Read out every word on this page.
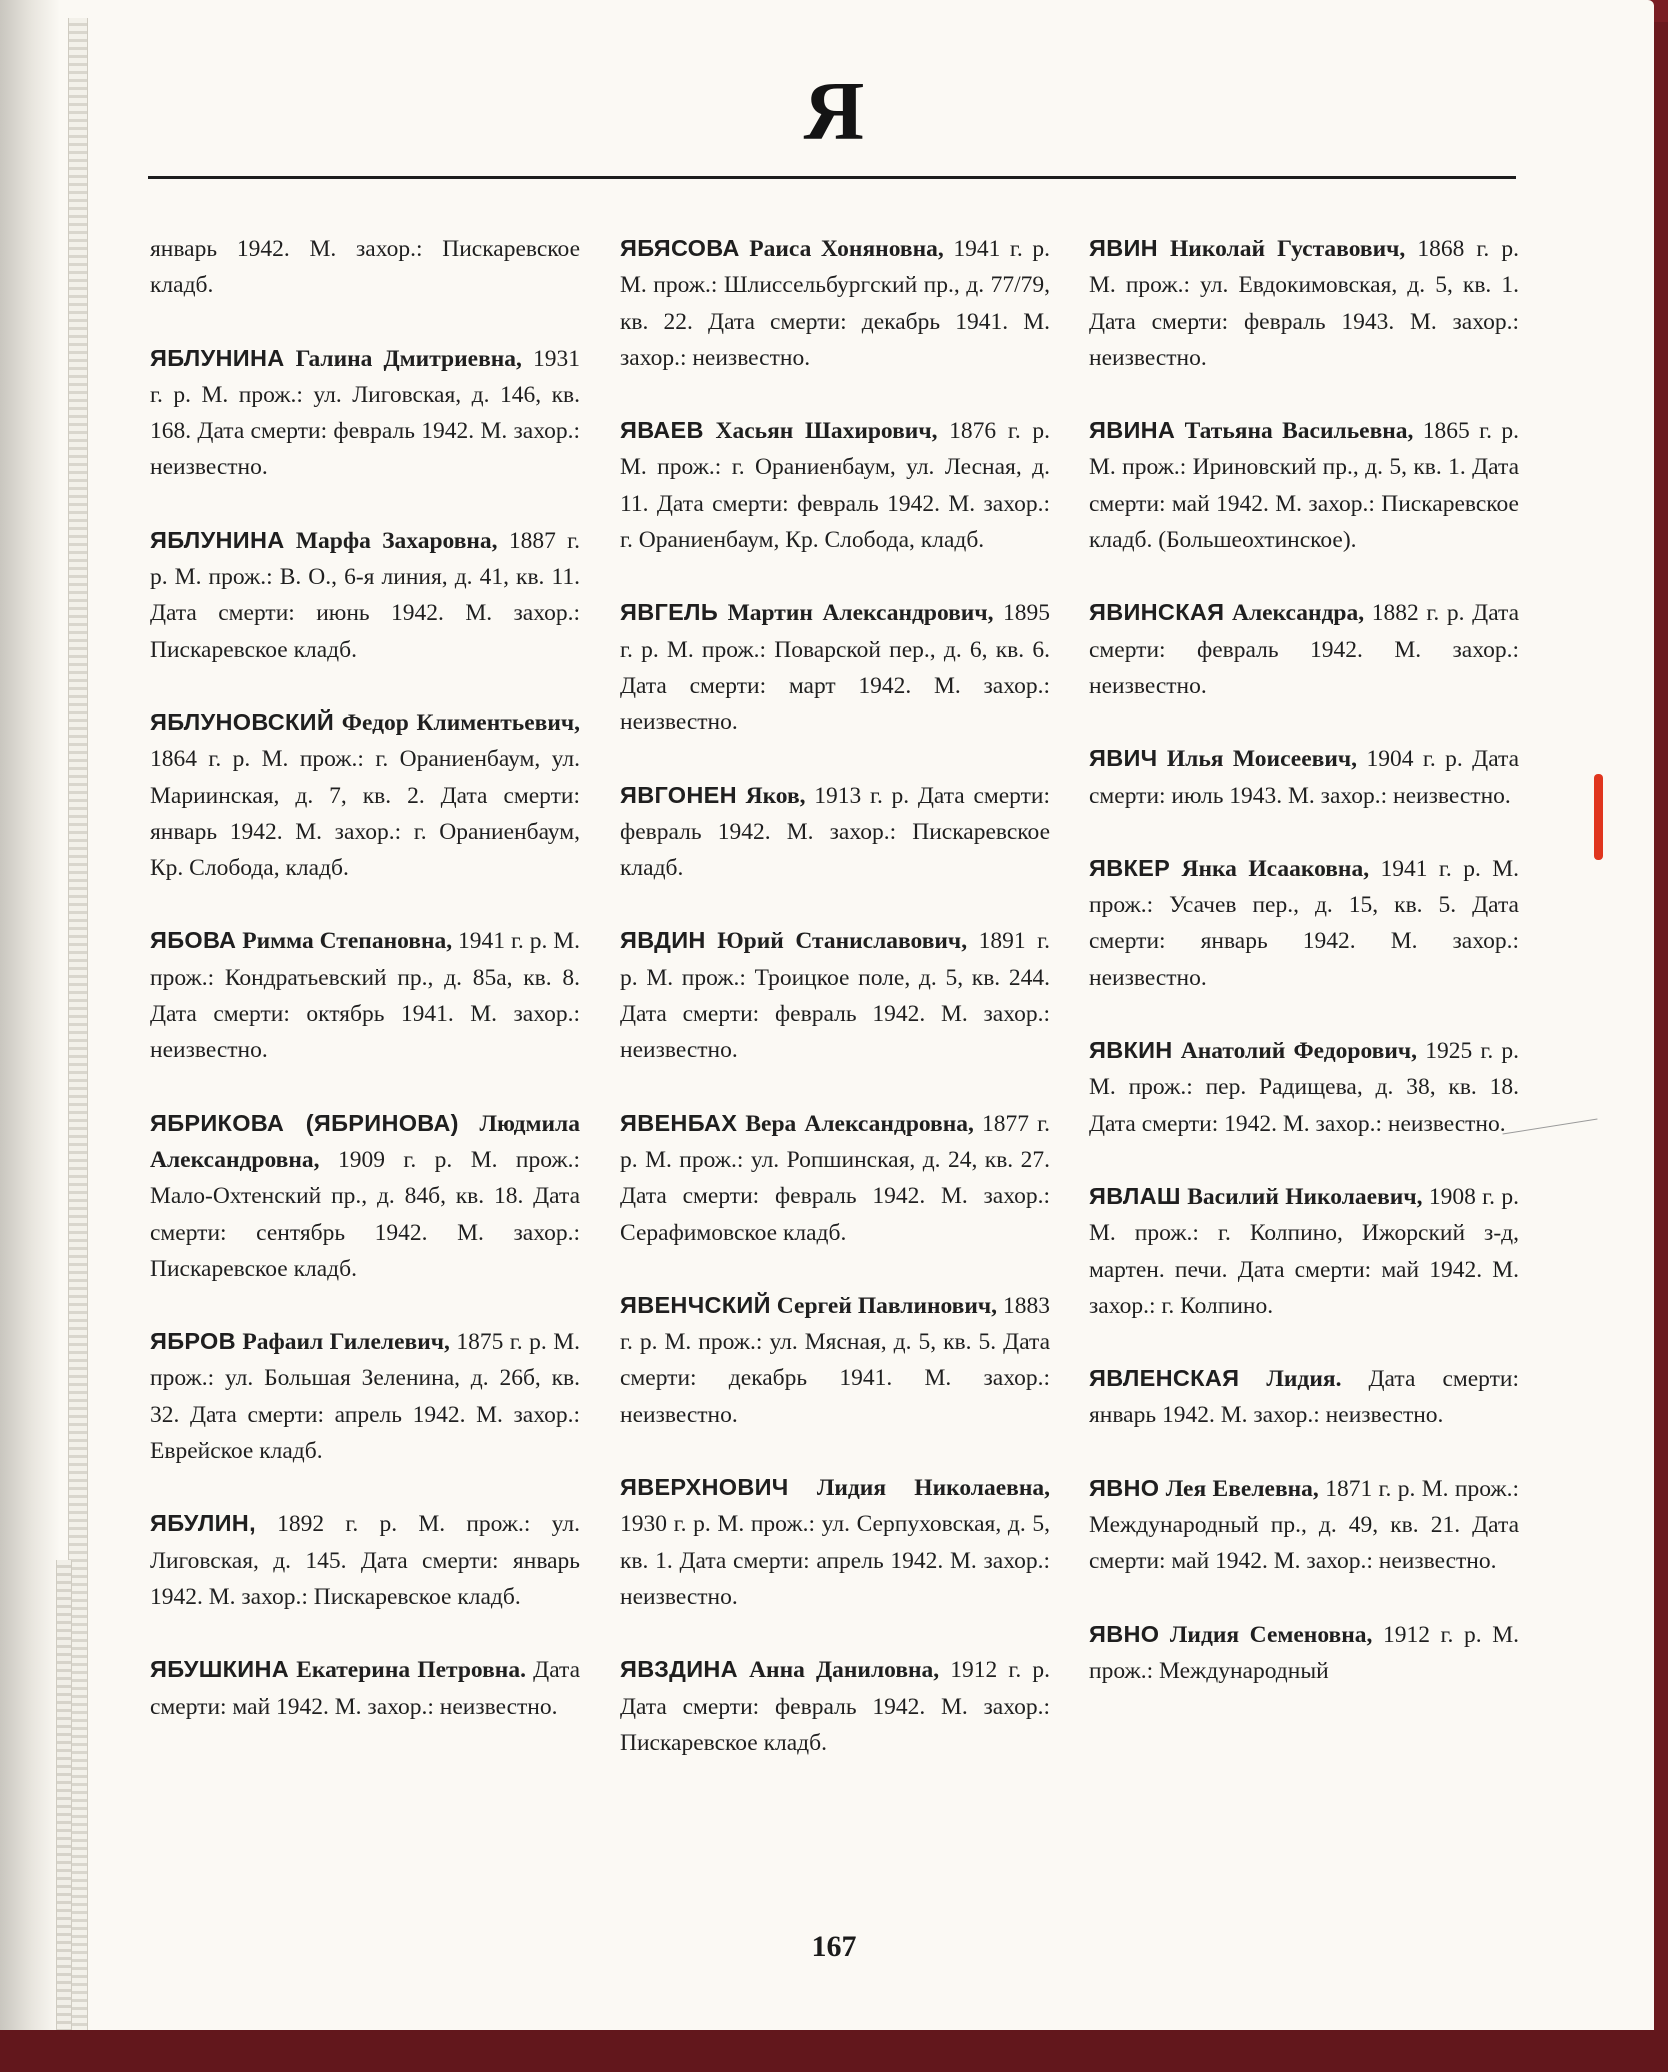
Я
январь 1942. М. захор.: Пискаревское кладб.
ЯБЛУНИНА Галина Дмитриевна, 1931 г. р. М. прож.: ул. Лиговская, д. 146, кв. 168. Дата смерти: февраль 1942. М. захор.: неизвестно.
ЯБЛУНИНА Марфа Захаровна, 1887 г. р. М. прож.: В. О., 6-я линия, д. 41, кв. 11. Дата смерти: июнь 1942. М. захор.: Пискаревское кладб.
ЯБЛУНОВСКИЙ Федор Климентьевич, 1864 г. р. М. прож.: г. Ораниенбаум, ул. Мариинская, д. 7, кв. 2. Дата смерти: январь 1942. М. захор.: г. Ораниенбаум, Кр. Слобода, кладб.
ЯБОВА Римма Степановна, 1941 г. р. М. прож.: Кондратьевский пр., д. 85а, кв. 8. Дата смерти: октябрь 1941. М. захор.: неизвестно.
ЯБРИКОВА (ЯБРИНОВА) Людмила Александровна, 1909 г. р. М. прож.: Мало-Охтенский пр., д. 84б, кв. 18. Дата смерти: сентябрь 1942. М. захор.: Пискаревское кладб.
ЯБРОВ Рафаил Гилелевич, 1875 г. р. М. прож.: ул. Большая Зеленина, д. 26б, кв. 32. Дата смерти: апрель 1942. М. захор.: Еврейское кладб.
ЯБУЛИН, 1892 г. р. М. прож.: ул. Лиговская, д. 145. Дата смерти: январь 1942. М. захор.: Пискаревское кладб.
ЯБУШКИНА Екатерина Петровна. Дата смерти: май 1942. М. захор.: неизвестно.
ЯБЯСОВА Раиса Хоняновна, 1941 г. р. М. прож.: Шлиссельбургский пр., д. 77/79, кв. 22. Дата смерти: декабрь 1941. М. захор.: неизвестно.
ЯВАЕВ Хасьян Шахирович, 1876 г. р. М. прож.: г. Ораниенбаум, ул. Лесная, д. 11. Дата смерти: февраль 1942. М. захор.: г. Ораниенбаум, Кр. Слобода, кладб.
ЯВГЕЛЬ Мартин Александрович, 1895 г. р. М. прож.: Поварской пер., д. 6, кв. 6. Дата смерти: март 1942. М. захор.: неизвестно.
ЯВГОНЕН Яков, 1913 г. р. Дата смерти: февраль 1942. М. захор.: Пискаревское кладб.
ЯВДИН Юрий Станиславович, 1891 г. р. М. прож.: Троицкое поле, д. 5, кв. 244. Дата смерти: февраль 1942. М. захор.: неизвестно.
ЯВЕНБАХ Вера Александровна, 1877 г. р. М. прож.: ул. Ропшинская, д. 24, кв. 27. Дата смерти: февраль 1942. М. захор.: Серафимовское кладб.
ЯВЕНЧСКИЙ Сергей Павлинович, 1883 г. р. М. прож.: ул. Мясная, д. 5, кв. 5. Дата смерти: декабрь 1941. М. захор.: неизвестно.
ЯВЕРХНОВИЧ Лидия Николаевна, 1930 г. р. М. прож.: ул. Серпуховская, д. 5, кв. 1. Дата смерти: апрель 1942. М. захор.: неизвестно.
ЯВЗДИНА Анна Даниловна, 1912 г. р. Дата смерти: февраль 1942. М. захор.: Пискаревское кладб.
ЯВИН Николай Густавович, 1868 г. р. М. прож.: ул. Евдокимовская, д. 5, кв. 1. Дата смерти: февраль 1943. М. захор.: неизвестно.
ЯВИНА Татьяна Васильевна, 1865 г. р. М. прож.: Ириновский пр., д. 5, кв. 1. Дата смерти: май 1942. М. захор.: Пискаревское кладб. (Большеохтинское).
ЯВИНСКАЯ Александра, 1882 г. р. Дата смерти: февраль 1942. М. захор.: неизвестно.
ЯВИЧ Илья Моисеевич, 1904 г. р. Дата смерти: июль 1943. М. захор.: неизвестно.
ЯВКЕР Янка Исааковна, 1941 г. р. М. прож.: Усачев пер., д. 15, кв. 5. Дата смерти: январь 1942. М. захор.: неизвестно.
ЯВКИН Анатолий Федорович, 1925 г. р. М. прож.: пер. Радищева, д. 38, кв. 18. Дата смерти: 1942. М. захор.: неизвестно.
ЯВЛАШ Василий Николаевич, 1908 г. р. М. прож.: г. Колпино, Ижорский з-д, мартен. печи. Дата смерти: май 1942. М. захор.: г. Колпино.
ЯВЛЕНСКАЯ Лидия. Дата смерти: январь 1942. М. захор.: неизвестно.
ЯВНО Лея Евелевна, 1871 г. р. М. прож.: Международный пр., д. 49, кв. 21. Дата смерти: май 1942. М. захор.: неизвестно.
ЯВНО Лидия Семеновна, 1912 г. р. М. прож.: Международный
167
